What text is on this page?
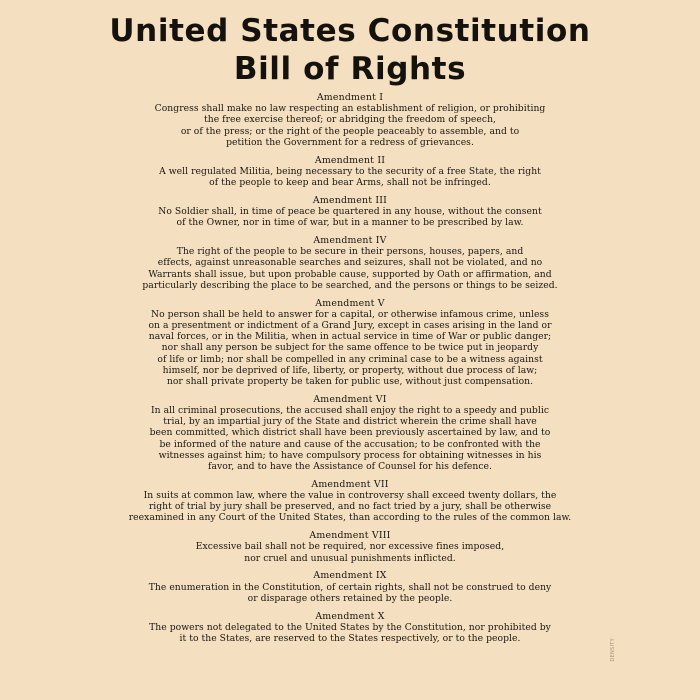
United States Constitution
Bill of Rights
Amendment I
Congress shall make no law respecting an establishment of religion, or prohibiting
the free exercise thereof; or abridging the freedom of speech,
or of the press; or the right of the people peaceably to assemble, and to
petition the Government for a redress of grievances.
Amendment II
A well regulated Militia, being necessary to the security of a free State, the right
of the people to keep and bear Arms, shall not be infringed.
Amendment III
No Soldier shall, in time of peace be quartered in any house, without the consent
of the Owner, nor in time of war, but in a manner to be prescribed by law.
Amendment IV
The right of the people to be secure in their persons, houses, papers, and
effects, against unreasonable searches and seizures, shall not be violated, and no
Warrants shall issue, but upon probable cause, supported by Oath or affirmation, and
particularly describing the place to be searched, and the persons or things to be seized.
Amendment V
No person shall be held to answer for a capital, or otherwise infamous crime, unless
on a presentment or indictment of a Grand Jury, except in cases arising in the land or
naval forces, or in the Militia, when in actual service in time of War or public danger;
nor shall any person be subject for the same offence to be twice put in jeopardy
of life or limb; nor shall be compelled in any criminal case to be a witness against
himself, nor be deprived of life, liberty, or property, without due process of law;
nor shall private property be taken for public use, without just compensation.
Amendment VI
In all criminal prosecutions, the accused shall enjoy the right to a speedy and public
trial, by an impartial jury of the State and district wherein the crime shall have
been committed, which district shall have been previously ascertained by law, and to
be informed of the nature and cause of the accusation; to be confronted with the
witnesses against him; to have compulsory process for obtaining witnesses in his
favor, and to have the Assistance of Counsel for his defence.
Amendment VII
In suits at common law, where the value in controversy shall exceed twenty dollars, the
right of trial by jury shall be preserved, and no fact tried by a jury, shall be otherwise
reexamined in any Court of the United States, than according to the rules of the common law.
Amendment VIII
Excessive bail shall not be required, nor excessive fines imposed,
nor cruel and unusual punishments inflicted.
Amendment IX
The enumeration in the Constitution, of certain rights, shall not be construed to deny
or disparage others retained by the people.
Amendment X
The powers not delegated to the United States by the Constitution, nor prohibited by
it to the States, are reserved to the States respectively, or to the people.	DENSITY
